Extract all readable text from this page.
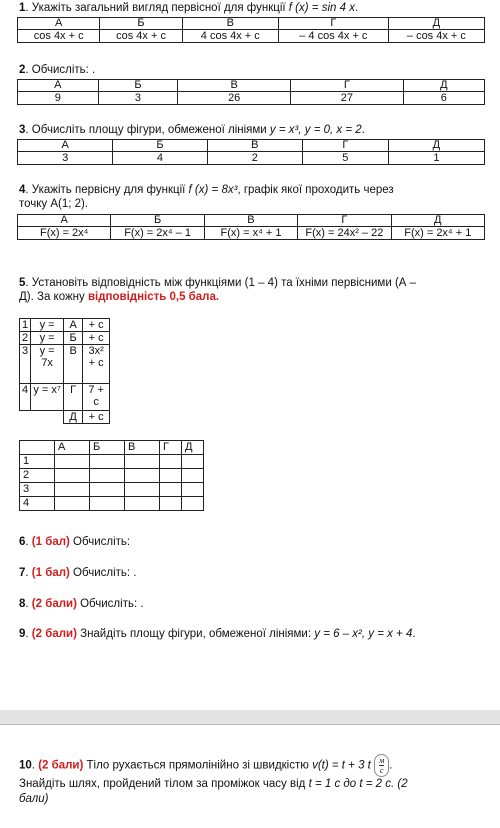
1. Укажіть загальний вигляд первісної для функції f (x) = sin 4 x.
А	Б	В	Г	Д
cos 4x + c	cos 4x + c	4 cos 4x + c	– 4 cos 4x + c	– cos 4x + c
2. Обчисліть: .
А	Б	В	Г	Д
9	3	26	27	6
3. Обчисліть площу фігури, обмеженої лініями y = x³, y = 0, x = 2.
А	Б	В	Г	Д
3	4	2	5	1
4. Укажіть первісну для функції f (x) = 8x³, графік якої проходить через
точку А(1; 2).
А	Б	В	Г	Д
F(x) = 2x⁴	F(x) = 2x⁴ – 1	F(x) = x⁴ + 1	F(x) = 24x² – 22	F(x) = 2x⁴ + 1
5. Установіть відповідність між функціями (1 – 4) та їхніми первісними (А –
Д). За кожну відповідність 0,5 бала.
1	y =	А	+ c
2	y =	Б	+ c
3	y = 7x	В	3x² + c
4	y = x⁷	Г	7 + c
		Д	+ c
	А	Б	В	Г	Д
1					
2					
3					
4					
6. (1 бал) Обчисліть:
7. (1 бал) Обчисліть: .
8. (2 бали) Обчисліть: .
9. (2 бали) Знайдіть площу фігури, обмеженої лініями: y = 6 – x², y = x + 4.
10. (2 бали) Тіло рухається прямолінійно зі швидкістю v(t) = t + 3 t $\frac{м}{с}$ .
Знайдіть шлях, пройдений тілом за проміжок часу від t = 1 с до t = 2 с. (2
бали)
